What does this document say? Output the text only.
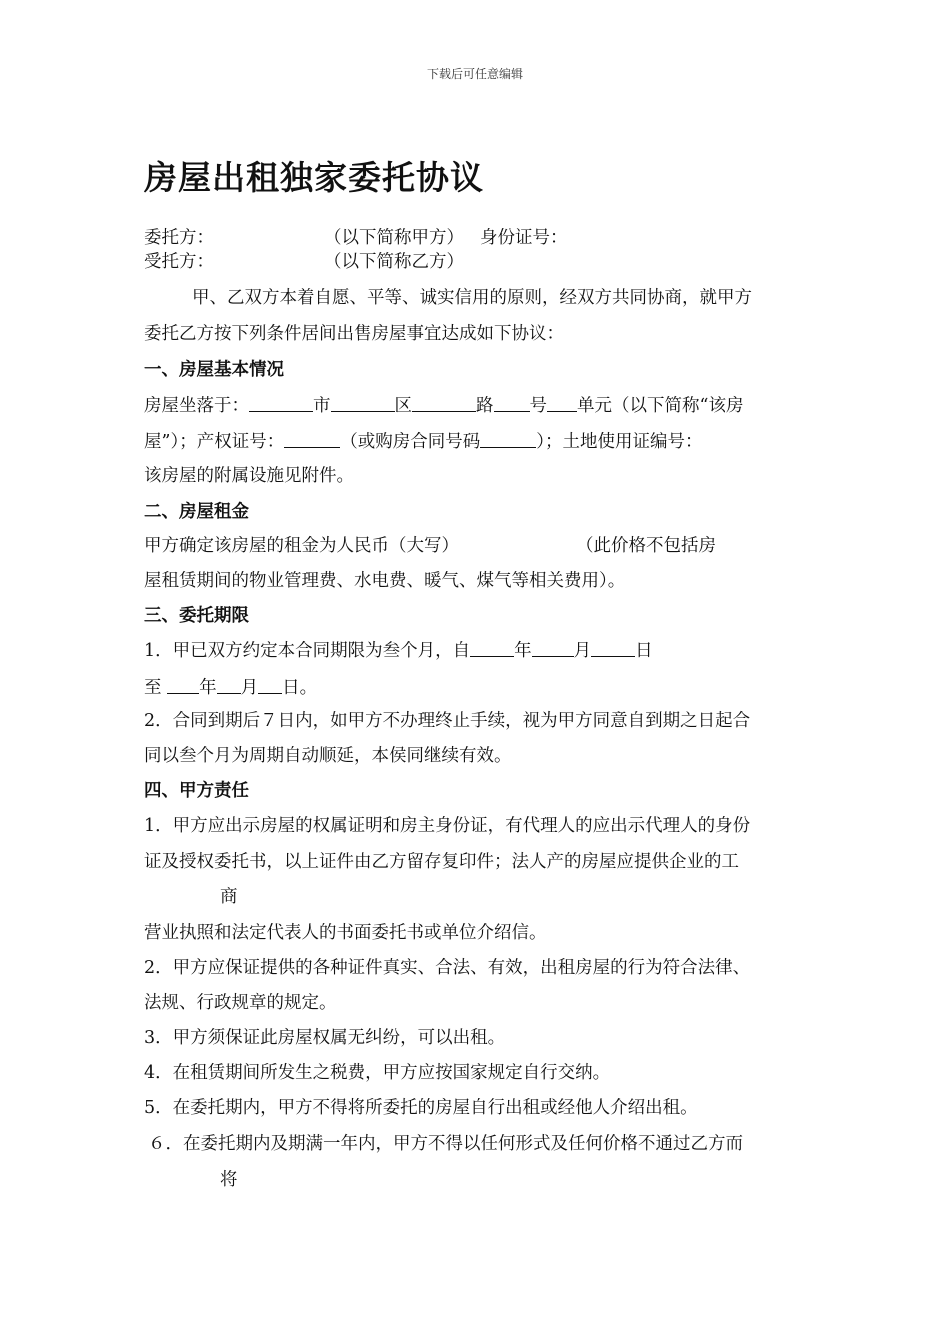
下载后可任意编辑
房屋出租独家委托协议
委托方：	（以下简称甲方） 身份证号：
受托方：	（以下简称乙方）
甲、乙双方本着自愿、平等、诚实信用的原则，经双方共同协商，就甲方
委托乙方按下列条件居间出售房屋事宜达成如下协议：
一、房屋基本情况
房屋坐落于：	市	区	路 号 单元（以下简称“该房
屋”）；产权证号：	（或购房合同号码	）；土地使用证编号：
该房屋的附属设施见附件。
二、房屋租金
甲方确定该房屋的租金为人民币（大写）	（此价格不包括房
屋租赁期间的物业管理费、水电费、暖气、煤气等相关费用）。
三、委托期限
1．甲已双方约定本合同期限为叁个月，自	年 月	日
至 年 月 日。
2．合同到期后７日内，如甲方不办理终止手续，视为甲方同意自到期之日起合
同以叁个月为周期自动顺延，本侯同继续有效。
四、甲方责任
1．甲方应出示房屋的权属证明和房主身份证，有代理人的应出示代理人的身份
证及授权委托书，以上证件由乙方留存复印件；法人产的房屋应提供企业的工
商
营业执照和法定代表人的书面委托书或单位介绍信。
2．甲方应保证提供的各种证件真实、合法、有效，出租房屋的行为符合法律、
法规、行政规章的规定。
3．甲方须保证此房屋权属无纠纷，可以出租。
4．在租赁期间所发生之税费，甲方应按国家规定自行交纳。
5．在委托期内，甲方不得将所委托的房屋自行出租或经他人介绍出租。
６．在委托期内及期满一年内，甲方不得以任何形式及任何价格不通过乙方而
将
